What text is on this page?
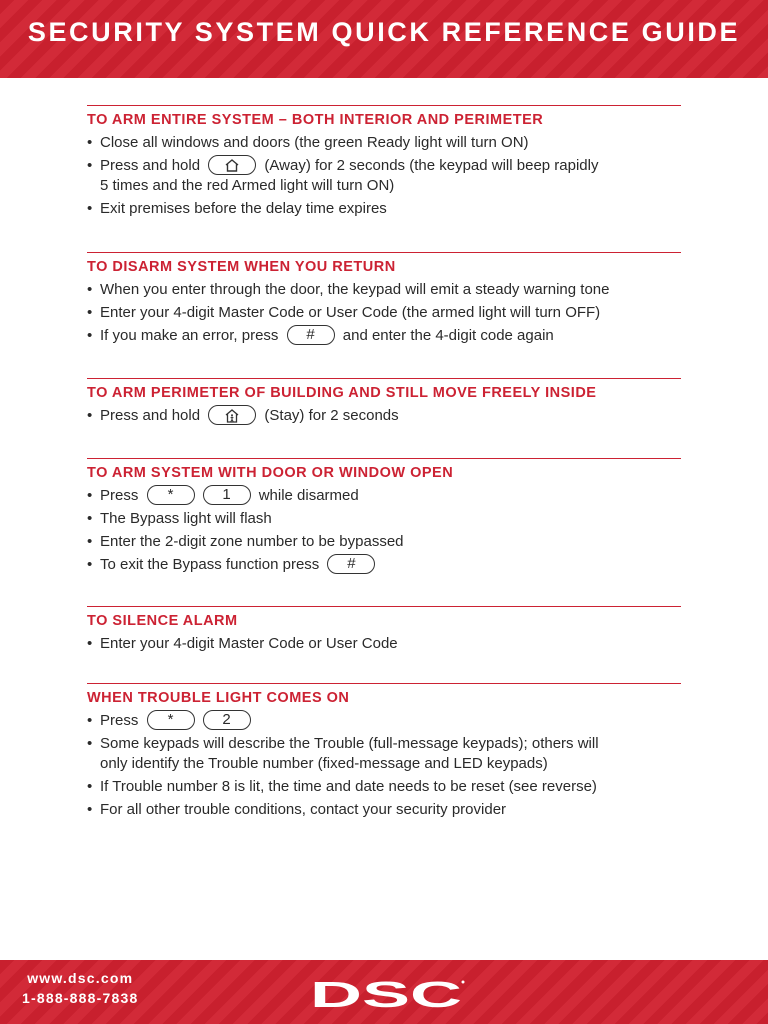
SECURITY SYSTEM QUICK REFERENCE GUIDE
TO ARM ENTIRE SYSTEM – BOTH INTERIOR AND PERIMETER
• Close all windows and doors (the green Ready light will turn ON)
• Press and hold	(Away) for 2 seconds (the keypad will beep rapidly
5 times and the red Armed light will turn ON)
• Exit premises before the delay time expires
TO DISARM SYSTEM WHEN YOU RETURN
• When you enter through the door, the keypad will emit a steady warning tone
• Enter your 4-digit Master Code or User Code (the armed light will turn OFF)
• If you make an error, press	#	and enter the 4-digit code again
TO ARM PERIMETER OF BUILDING AND STILL MOVE FREELY INSIDE
• Press and hold	(Stay) for 2 seconds
TO ARM SYSTEM WITH DOOR OR WINDOW OPEN
• Press	*	1	while disarmed
• The Bypass light will flash
• Enter the 2-digit zone number to be bypassed
• To exit the Bypass function press	#
TO SILENCE ALARM
• Enter your 4-digit Master Code or User Code
WHEN TROUBLE LIGHT COMES ON
• Press	*	2
• Some keypads will describe the Trouble (full-message keypads); others will
only identify the Trouble number (fixed-message and LED keypads)
• If Trouble number 8 is lit, the time and date needs to be reset (see reverse)
• For all other trouble conditions, contact your security provider
www.dsc.com
1-888-888-7838	DSC
